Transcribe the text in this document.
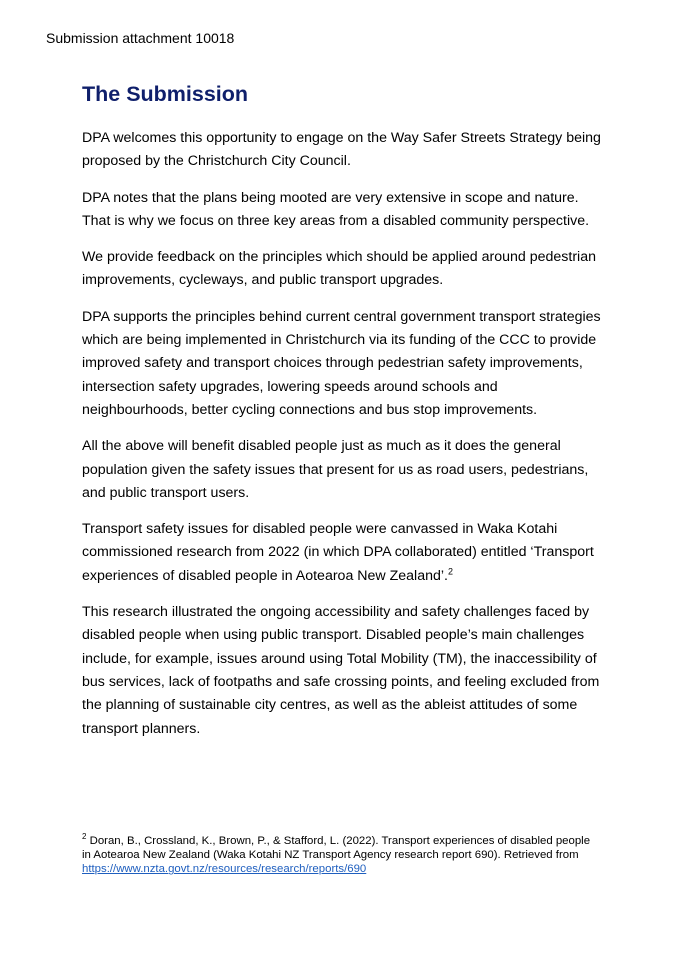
Submission attachment 10018
The Submission

DPA welcomes this opportunity to engage on the Way Safer Streets Strategy being proposed by the Christchurch City Council.

DPA notes that the plans being mooted are very extensive in scope and nature. That is why we focus on three key areas from a disabled community perspective.

We provide feedback on the principles which should be applied around pedestrian improvements, cycleways, and public transport upgrades.

DPA supports the principles behind current central government transport strategies which are being implemented in Christchurch via its funding of the CCC to provide improved safety and transport choices through pedestrian safety improvements, intersection safety upgrades, lowering speeds around schools and neighbourhoods, better cycling connections and bus stop improvements.

All the above will benefit disabled people just as much as it does the general population given the safety issues that present for us as road users, pedestrians, and public transport users.

Transport safety issues for disabled people were canvassed in Waka Kotahi commissioned research from 2022 (in which DPA collaborated) entitled ‘Transport experiences of disabled people in Aotearoa New Zealand’.$^2$

This research illustrated the ongoing accessibility and safety challenges faced by disabled people when using public transport. Disabled people’s main challenges include, for example, issues around using Total Mobility (TM), the inaccessibility of bus services, lack of footpaths and safe crossing points, and feeling excluded from the planning of sustainable city centres, as well as the ableist attitudes of some transport planners.

$^2$ Doran, B., Crossland, K., Brown, P., & Stafford, L. (2022). Transport experiences of disabled people in Aotearoa New Zealand (Waka Kotahi NZ Transport Agency research report 690). Retrieved from https://www.nzta.govt.nz/resources/research/reports/690
